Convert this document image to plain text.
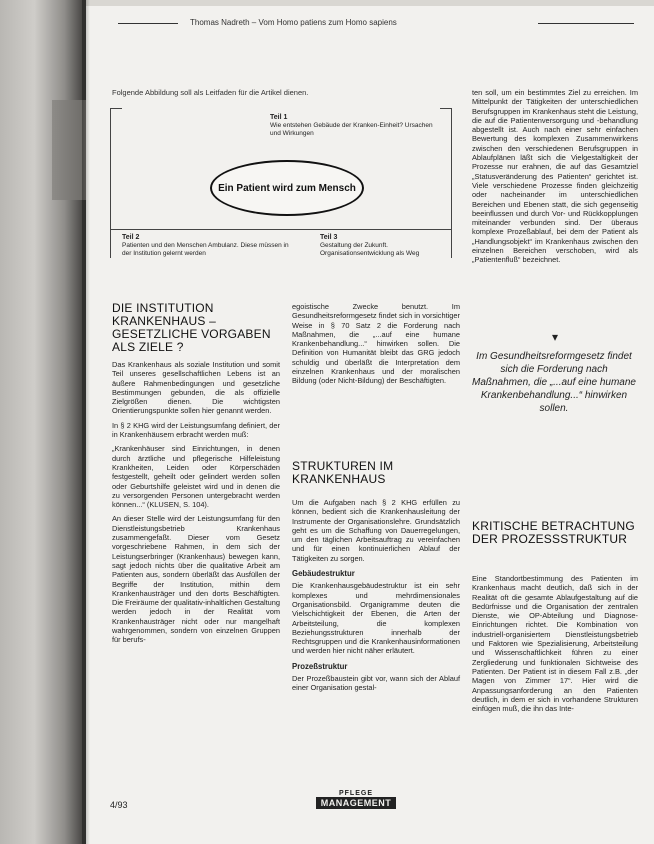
Thomas Nadreth – Vom Homo patiens zum Homo sapiens
Folgende Abbildung soll als Leitfaden für die Artikel dienen.
Teil 1
Wie entstehen Gebäude der Kranken-Einheit? Ursachen und Wirkungen
Ein Patient wird zum Mensch
Teil 2
Patienten und den Menschen Ambulanz. Diese müssen in der Institution gelernt werden
Teil 3
Gestaltung der Zukunft. Organisationsentwicklung als Weg
DIE INSTITUTION KRANKENHAUS – GESETZLICHE VORGABEN ALS ZIELE ?

Das Krankenhaus als soziale Institution und somit Teil unseres gesellschaftlichen Lebens ist an äußere Rahmenbedingungen und gesetzliche Bestimmungen gebunden, die als offizielle Zielgrößen dienen. Die wichtigsten Orientierungspunkte sollen hier genannt werden.

In § 2 KHG wird der Leistungsumfang definiert, der in Krankenhäusern erbracht werden muß:

„Krankenhäuser sind Einrichtungen, in denen durch ärztliche und pflegerische Hilfeleistung Krankheiten, Leiden oder Körperschäden festgestellt, geheilt oder gelindert werden sollen oder Geburtshilfe geleistet wird und in denen die zu versorgenden Personen untergebracht werden können...“ (KLUSEN, S. 104).

An dieser Stelle wird der Leistungsumfang für den Dienstleistungsbetrieb Krankenhaus zusammengefaßt. Dieser vom Gesetz vorgeschriebene Rahmen, in dem sich der Leistungserbringer (Krankenhaus) bewegen kann, sagt jedoch nichts über die qualitative Arbeit am Patienten aus, sondern überläßt das Ausfüllen der Begriffe der Institution, mithin dem Krankenhausträger und den dorts Beschäftigten. Die Freiräume der qualitativ-inhaltlichen Gestaltung werden jedoch in der Realität vom Krankenhausträger nicht oder nur mangelhaft wahrgenommen, sondern von einzelnen Gruppen für berufs-

egoistische Zwecke benutzt. Im Gesundheitsreformgesetz findet sich in vorsichtiger Weise in § 70 Satz 2 die Forderung nach Maßnahmen, die „...auf eine humane Krankenbehandlung...“ hinwirken sollen. Die Definition von Humanität bleibt das GRG jedoch schuldig und überläßt die Interpretation dem einzelnen Krankenhaus und der moralischen Bildung (oder Nicht-Bildung) der Beschäftigten.

STRUKTUREN IM KRANKENHAUS

Um die Aufgaben nach § 2 KHG erfüllen zu können, bedient sich die Krankenhausleitung der Instrumente der Organisationslehre. Grundsätzlich geht es um die Schaffung von Dauerregelungen, um den täglichen Arbeitsauftrag zu vereinfachen und für einen kontinuierlichen Ablauf der Tätigkeiten zu sorgen.

Gebäudestruktur

Die Krankenhausgebäudestruktur ist ein sehr komplexes und mehrdimensionales Organisationsbild. Organigramme deuten die Vielschichtigkeit der Ebenen, die Arten der Arbeitsteilung, die komplexen Beziehungsstrukturen innerhalb der Rechtsgruppen und die Krankenhausinformationen und werden hier nicht näher erläutert.

Prozeßstruktur

Der Prozeßbaustein gibt vor, wann sich der Ablauf einer Organisation gestal-

ten soll, um ein bestimmtes Ziel zu erreichen. Im Mittelpunkt der Tätigkeiten der unterschiedlichen Berufsgruppen im Krankenhaus steht die Leistung, die auf die Patientenversorgung und -behandlung abgestellt ist. Auch nach einer sehr einfachen Bewertung des komplexen Zusammenwirkens zwischen den verschiedenen Berufsgruppen in Ablaufplänen läßt sich die Vielgestaltigkeit der Prozesse nur erahnen, die auf das Gesamtziel „Statusveränderung des Patienten“ gerichtet ist. Viele verschiedene Prozesse finden gleichzeitig oder nacheinander im unterschiedlichen Bereichen und Ebenen statt, die sich gegenseitig beeinflussen und durch Vor- und Rückkopplungen miteinander verbunden sind. Der überaus komplexe Prozeßablauf, bei dem der Patient als „Handlungsobjekt“ im Krankenhaus zwischen den einzelnen Bereichen verschoben, wird als „Patientenfluß“ bezeichnet.

▾
Im Gesundheitsreformgesetz findet sich die Forderung nach Maßnahmen, die „...auf eine humane Krankenbehandlung...“ hinwirken sollen.
KRITISCHE BETRACHTUNG DER PROZESSSTRUKTUR

Eine Standortbestimmung des Patienten im Krankenhaus macht deutlich, daß sich in der Realität oft die gesamte Ablaufgestaltung auf die Bedürfnisse und die Organisation der zentralen Dienste, wie OP-Abteilung und Diagnose-Einrichtungen richtet. Die Kombination von industriell-organisiertem Dienstleistungsbetrieb und Faktoren wie Spezialisierung, Arbeitsteilung und Wissenschaftlichkeit führen zu einer Zergliederung und funktionalen Sichtweise des Patienten. Der Patient ist in diesem Fall z.B. „der Magen von Zimmer 17“. Hier wird die Anpassungsanforderung an den Patienten deutlich, in dem er sich in vorhandene Strukturen einfügen muß, die ihn das Inte-

4/93
PFLEGE
MANAGEMENT
